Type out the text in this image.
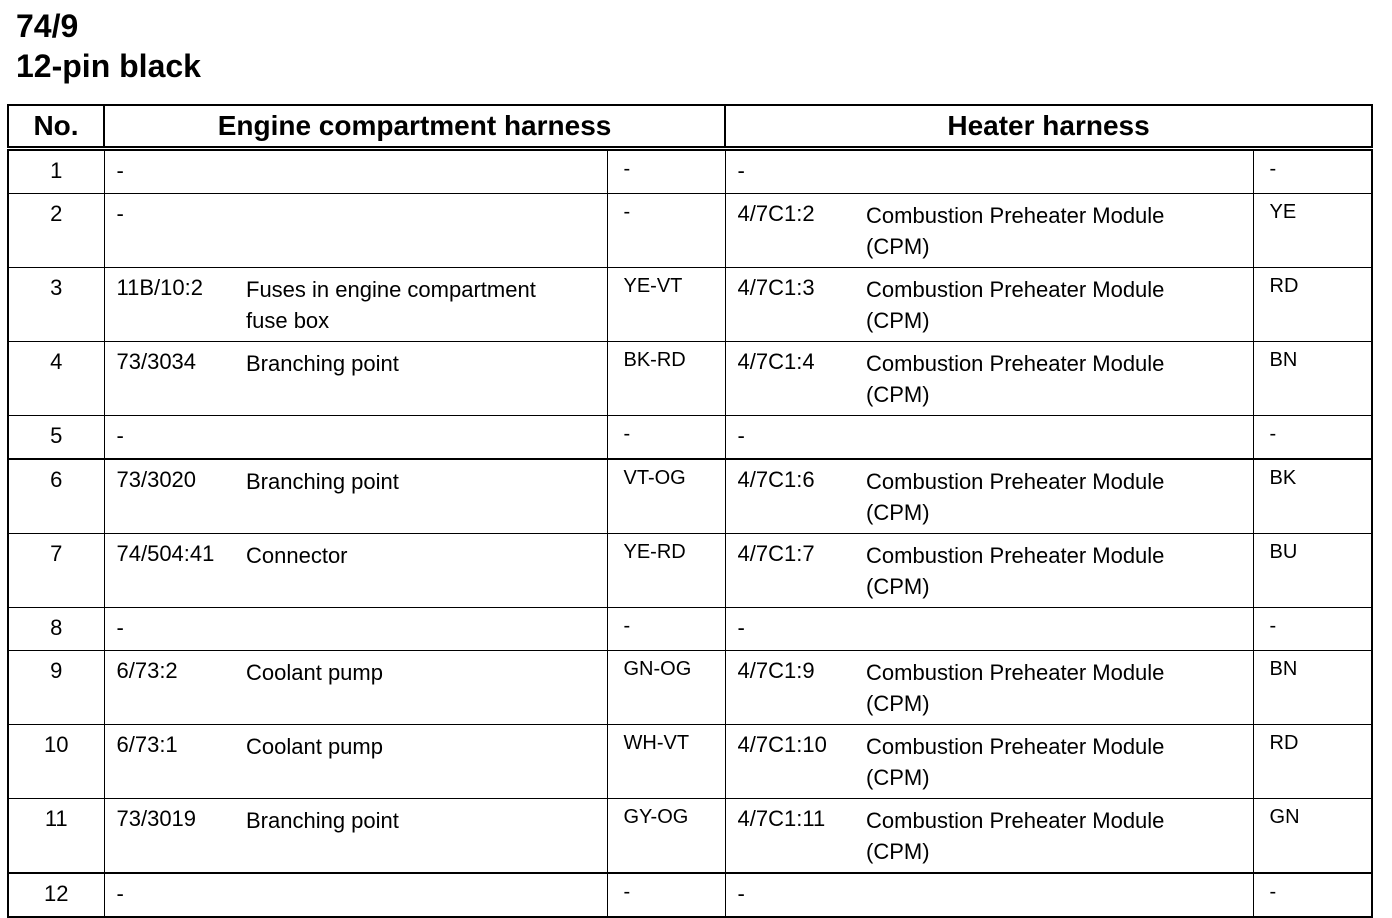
74/9
12-pin black
No.	Engine compartment harness			Heater harness		
1	-		-	-		-
2	-		-	4/7C1:2	Combustion Preheater Module
(CPM)	YE
3	11B/10:2	Fuses in engine compartment
fuse box	YE-VT	4/7C1:3	Combustion Preheater Module
(CPM)	RD
4	73/3034	Branching point	BK-RD	4/7C1:4	Combustion Preheater Module
(CPM)	BN
5	-		-	-		-
6	73/3020	Branching point	VT-OG	4/7C1:6	Combustion Preheater Module
(CPM)	BK
7	74/504:41	Connector	YE-RD	4/7C1:7	Combustion Preheater Module
(CPM)	BU
8	-		-	-		-
9	6/73:2	Coolant pump	GN-OG	4/7C1:9	Combustion Preheater Module
(CPM)	BN
10	6/73:1	Coolant pump	WH-VT	4/7C1:10	Combustion Preheater Module
(CPM)	RD
11	73/3019	Branching point	GY-OG	4/7C1:11	Combustion Preheater Module
(CPM)	GN
12	-		-	-		-
